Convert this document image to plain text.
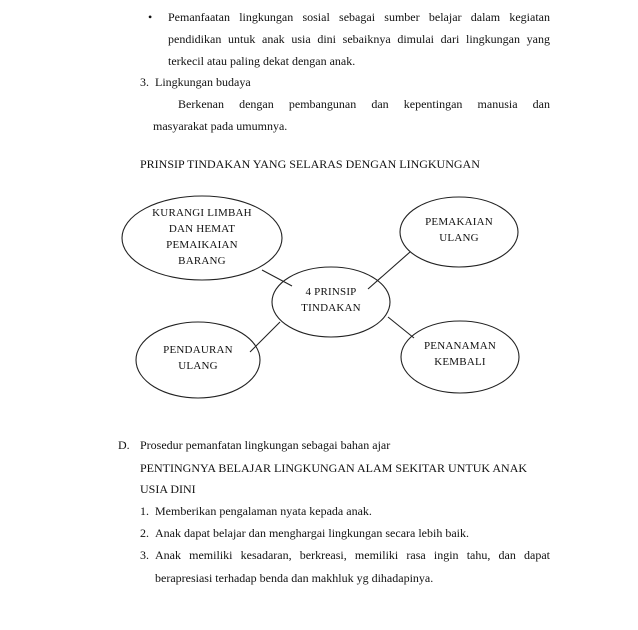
• Pemanfaatan lingkungan sosial sebagai sumber belajar dalam kegiatan
pendidikan untuk anak usia dini sebaiknya dimulai dari lingkungan yang
terkecil atau paling dekat dengan anak.
3. Lingkungan budaya
Berkenan dengan pembangunan dan kepentingan manusia dan
masyarakat pada umumnya.
PRINSIP TINDAKAN YANG SELARAS DENGAN LINGKUNGAN
KURANGI LIMBAH
DAN HEMAT
PEMAIKAIAN
BARANG
PEMAKAIAN
ULANG
4 PRINSIP
TINDAKAN
PENDAURAN
ULANG
PENANAMAN
KEMBALI
D. Prosedur pemanfatan lingkungan sebagai bahan ajar
PENTINGNYA BELAJAR LINGKUNGAN ALAM SEKITAR UNTUK ANAK
USIA DINI
1. Memberikan pengalaman nyata kepada anak.
2. Anak dapat belajar dan menghargai lingkungan secara lebih baik.
3. Anak memiliki kesadaran, berkreasi, memiliki rasa ingin tahu, dan dapat
berapresiasi terhadap benda dan makhluk yg dihadapinya.
